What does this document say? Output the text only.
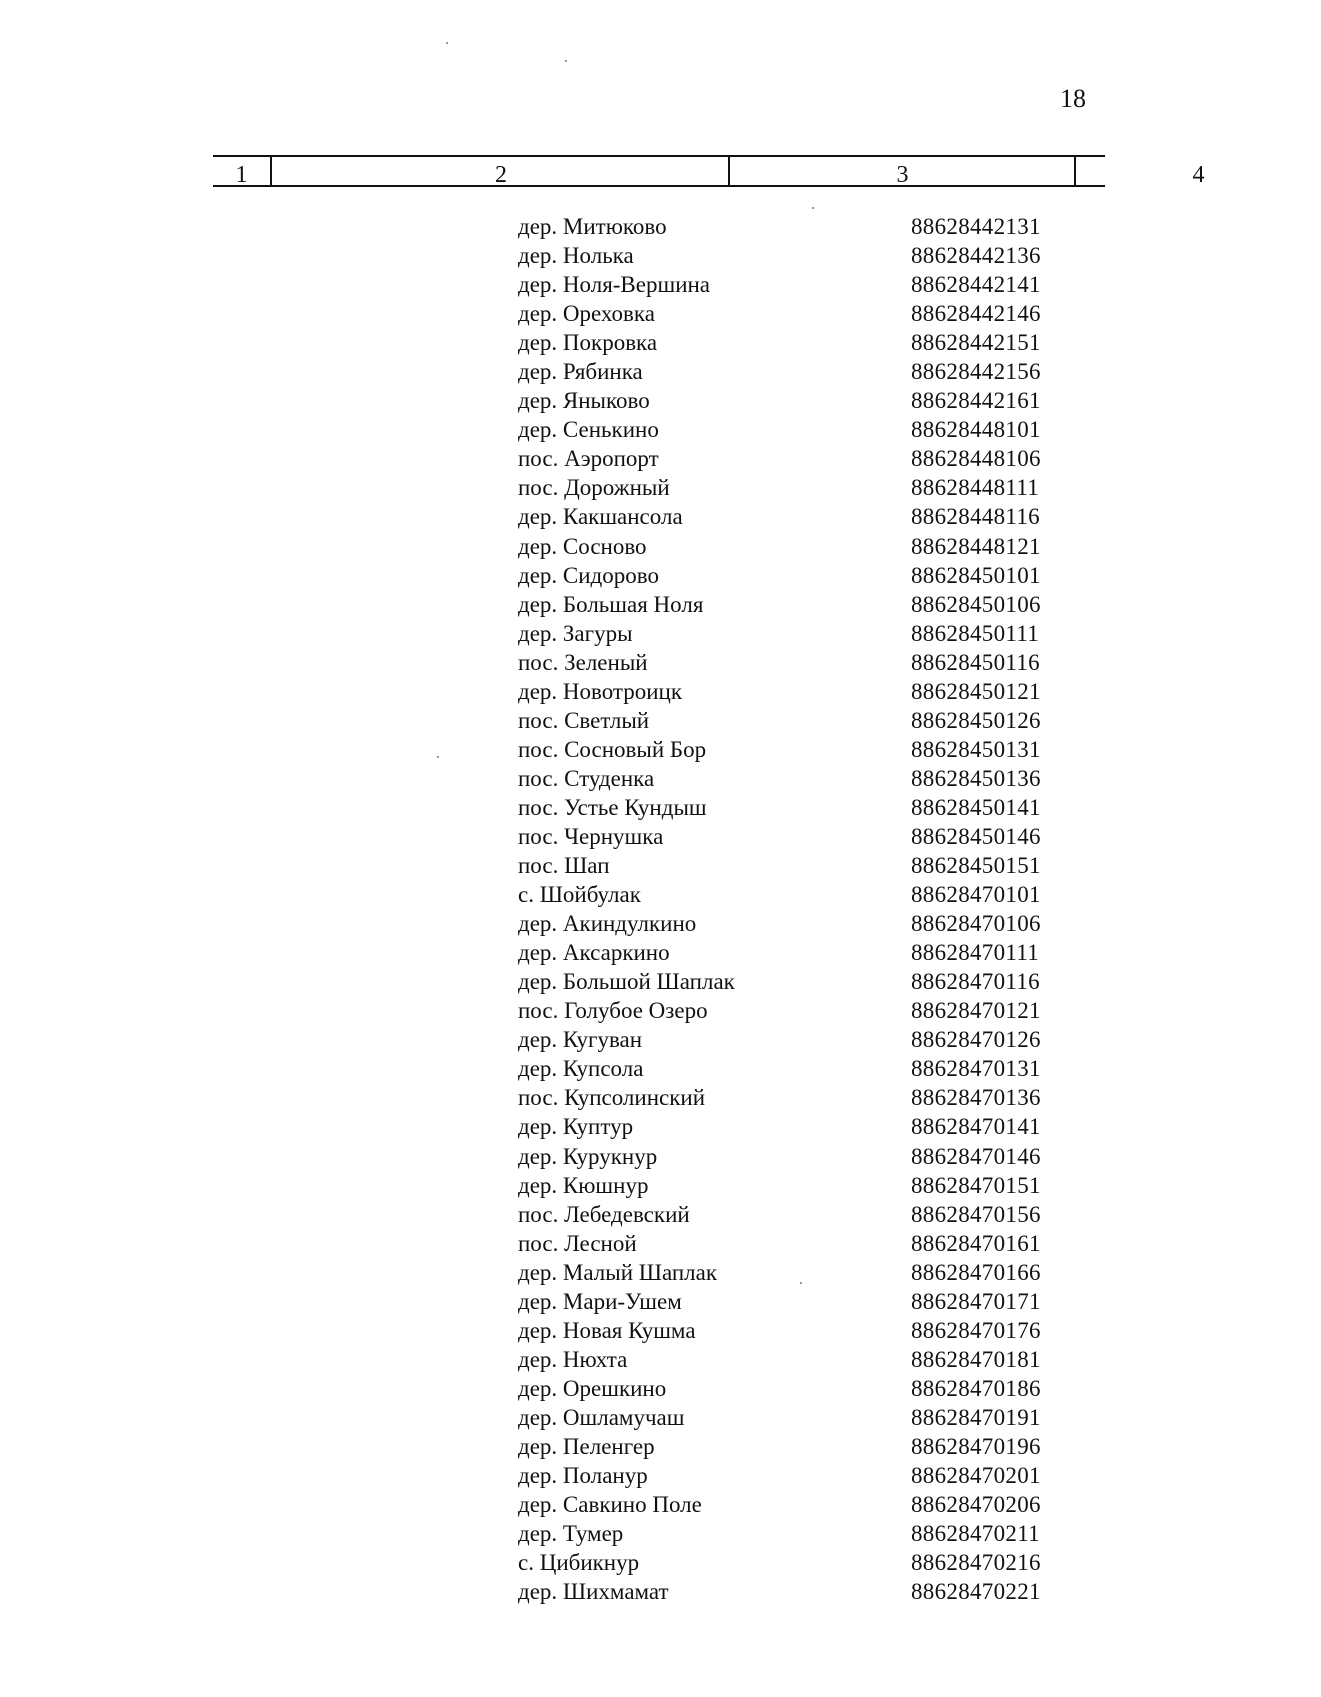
18
1	2	3	4
дер. Митюково	88628442131
дер. Нолька	88628442136
дер. Ноля-Вершина	88628442141
дер. Ореховка	88628442146
дер. Покровка	88628442151
дер. Рябинка	88628442156
дер. Яныково	88628442161
дер. Сенькино	88628448101
пос. Аэропорт	88628448106
пос. Дорожный	88628448111
дер. Какшансола	88628448116
дер. Сосново	88628448121
дер. Сидорово	88628450101
дер. Большая Ноля	88628450106
дер. Загуры	88628450111
пос. Зеленый	88628450116
дер. Новотроицк	88628450121
пос. Светлый	88628450126
пос. Сосновый Бор	88628450131
пос. Студенка	88628450136
пос. Устье Кундыш	88628450141
пос. Чернушка	88628450146
пос. Шап	88628450151
с. Шойбулак	88628470101
дер. Акиндулкино	88628470106
дер. Аксаркино	88628470111
дер. Большой Шаплак	88628470116
пос. Голубое Озеро	88628470121
дер. Кугуван	88628470126
дер. Купсола	88628470131
пос. Купсолинский	88628470136
дер. Куптур	88628470141
дер. Курукнур	88628470146
дер. Кюшнур	88628470151
пос. Лебедевский	88628470156
пос. Лесной	88628470161
дер. Малый Шаплак	88628470166
дер. Мари-Ушем	88628470171
дер. Новая Кушма	88628470176
дер. Нюхта	88628470181
дер. Орешкино	88628470186
дер. Ошламучаш	88628470191
дер. Пеленгер	88628470196
дер. Поланур	88628470201
дер. Савкино Поле	88628470206
дер. Тумер	88628470211
с. Цибикнур	88628470216
дер. Шихмамат	88628470221
